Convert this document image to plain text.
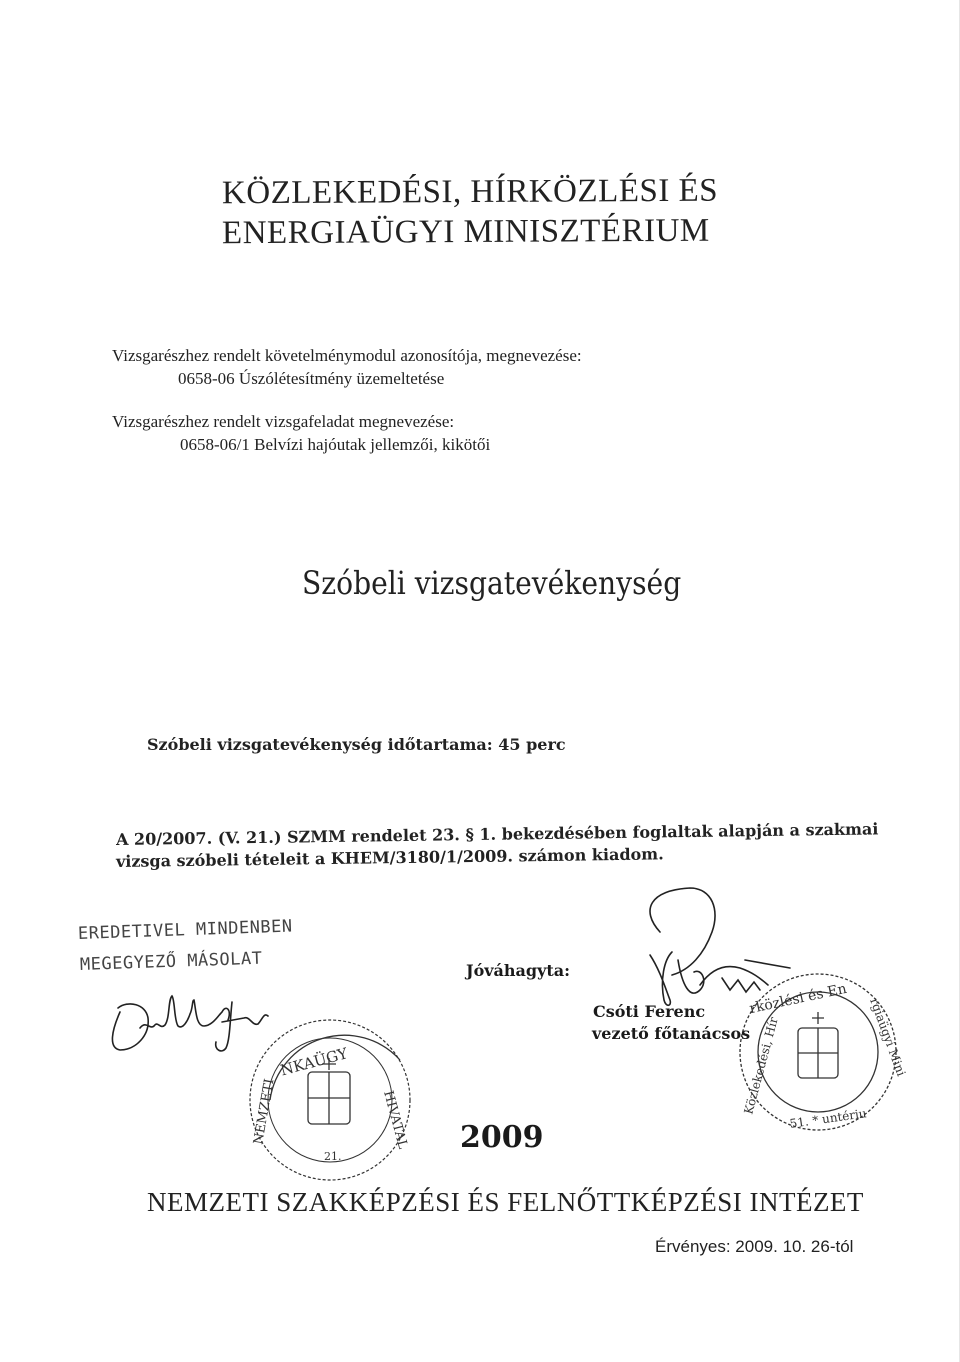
KÖZLEKEDÉSI, HÍRKÖZLÉSI ÉS
ENERGIAÜGYI MINISZTÉRIUM
Vizsgarészhez rendelt követelménymodul azonosítója, megnevezése:
0658-06 Úszólétesítmény üzemeltetése
Vizsgarészhez rendelt vizsgafeladat megnevezése:
0658-06/1 Belvízi hajóutak jellemzői, kikötői
Szóbeli vizsgatevékenység
Szóbeli vizsgatevékenység időtartama: 45 perc
A 20/2007. (V. 21.) SZMM rendelet 23. § 1. bekezdésében foglaltak alapján a szakmai
vizsga szóbeli tételeit a KHEM/3180/1/2009. számon kiadom.
EREDETIVEL MINDENBEN
MEGEGYEZŐ MÁSOLAT	Jóváhagyta:
Csóti Ferenc
vezető főtanácsos
2009
NEMZETI SZAKKÉPZÉSI ÉS FELNŐTTKÉPZÉSI INTÉZET
Érvényes: 2009. 10. 26-tól
NKAÜGY
HIVATAL
NEMZETI
21.
rközlési és En rgiaügyi Mini
Közlekedési, Hír
51. * untériu
